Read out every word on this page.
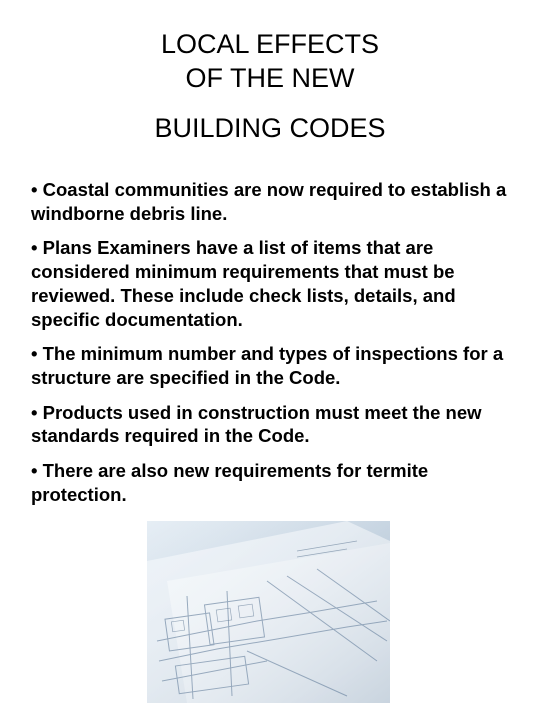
LOCAL EFFECTS
OF THE NEW
BUILDING CODES
• Coastal communities are now required to establish a windborne debris line.
• Plans Examiners have a list of items that are considered minimum requirements that must be reviewed. These include check lists, details, and specific documentation.
• The minimum number and types of inspections for a structure are specified in the Code.
• Products used in construction must meet the new standards required in the Code.
• There are also new requirements for termite protection.
